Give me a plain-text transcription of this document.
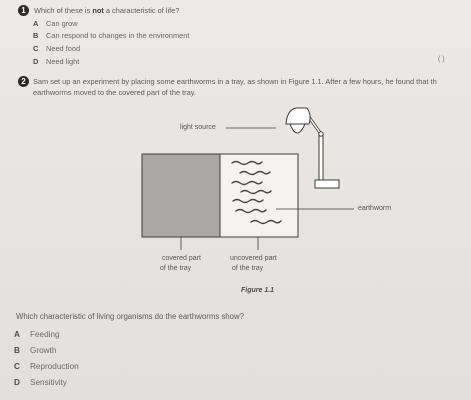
1	Which of these is not a characteristic of life?
A Can grow
B Can respond to changes in the environment
C Need food
D Need light	( )
2 Sam set up an experiment by placing some earthworms in a tray, as shown in Figure 1.1. After a few hours, he found that th
earthworms moved to the covered part of the tray.
light source
earthworm
covered part
of the tray
uncovered part
of the tray
Figure 1.1
Which characteristic of living organisms do the earthworms show?
A Feeding
B Growth
C Reproduction
D Sensitivity
